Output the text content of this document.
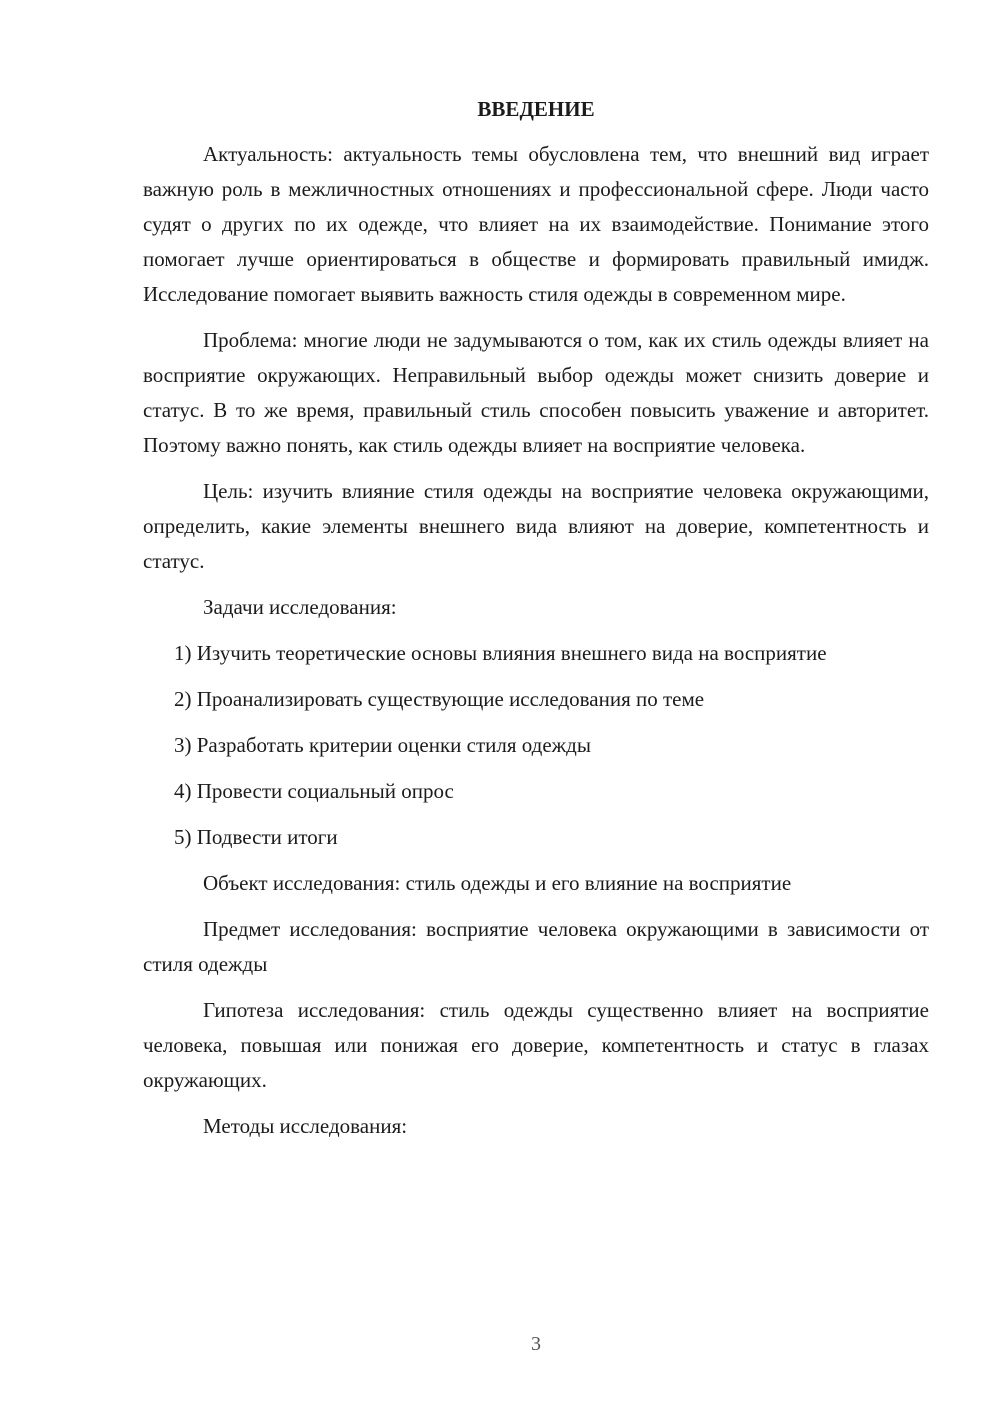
ВВЕДЕНИЕ
Актуальность: актуальность темы обусловлена тем, что внешний вид играет важную роль в межличностных отношениях и профессиональной сфере. Люди часто судят о других по их одежде, что влияет на их взаимодействие. Понимание этого помогает лучше ориентироваться в обществе и формировать правильный имидж. Исследование помогает выявить важность стиля одежды в современном мире.
Проблема: многие люди не задумываются о том, как их стиль одежды влияет на восприятие окружающих. Неправильный выбор одежды может снизить доверие и статус. В то же время, правильный стиль способен повысить уважение и авторитет. Поэтому важно понять, как стиль одежды влияет на восприятие человека.
Цель: изучить влияние стиля одежды на восприятие человека окружающими, определить, какие элементы внешнего вида влияют на доверие, компетентность и статус.
Задачи исследования:
1) Изучить теоретические основы влияния внешнего вида на восприятие
2) Проанализировать существующие исследования по теме
3) Разработать критерии оценки стиля одежды
4) Провести социальный опрос
5) Подвести итоги
Объект исследования: стиль одежды и его влияние на восприятие
Предмет исследования: восприятие человека окружающими в зависимости от стиля одежды
Гипотеза исследования: стиль одежды существенно влияет на восприятие человека, повышая или понижая его доверие, компетентность и статус в глазах окружающих.
Методы исследования:
3
